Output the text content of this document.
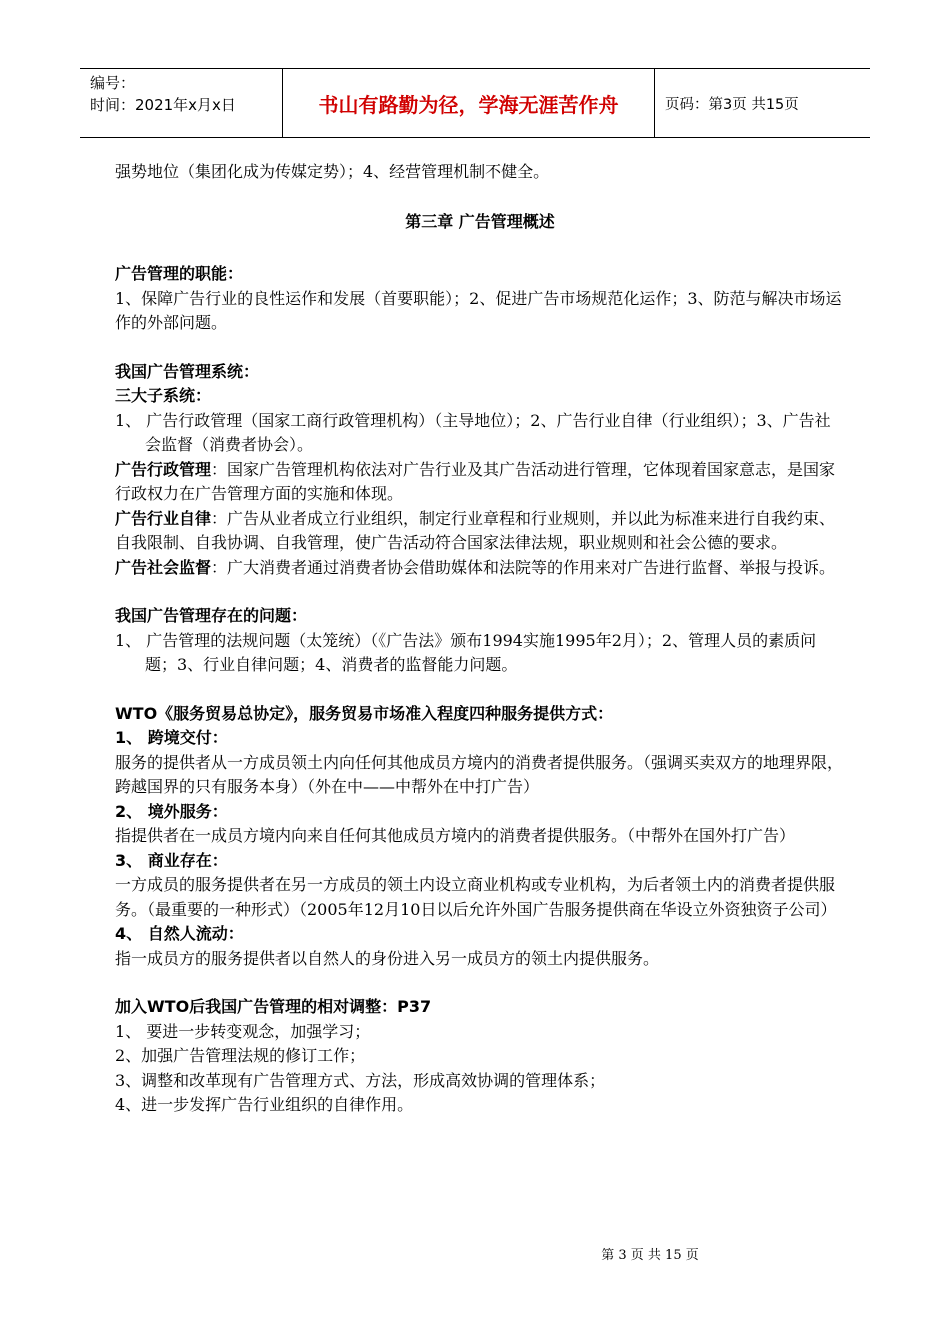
编号：
时间：2021年x月x日	书山有路勤为径，学海无涯苦作舟	页码：第3页 共15页

强势地位（集团化成为传媒定势）；4、经营管理机制不健全。

第三章 广告管理概述

广告管理的职能：

1、保障广告行业的良性运作和发展（首要职能）；2、促进广告市场规范化运作；3、防范与解决市场运作的外部问题。

我国广告管理系统：

三大子系统：

1、 广告行政管理（国家工商行政管理机构）（主导地位）；2、广告行业自律（行业组织）；3、广告社会监督（消费者协会）。

广告行政管理：国家广告管理机构依法对广告行业及其广告活动进行管理，它体现着国家意志，是国家行政权力在广告管理方面的实施和体现。

广告行业自律：广告从业者成立行业组织，制定行业章程和行业规则，并以此为标准来进行自我约束、自我限制、自我协调、自我管理，使广告活动符合国家法律法规，职业规则和社会公德的要求。

广告社会监督：广大消费者通过消费者协会借助媒体和法院等的作用来对广告进行监督、举报与投诉。

我国广告管理存在的问题：

1、 广告管理的法规问题（太笼统）（《广告法》颁布1994实施1995年2月）；2、管理人员的素质问题；3、行业自律问题；4、消费者的监督能力问题。

WTO《服务贸易总协定》，服务贸易市场准入程度四种服务提供方式：

1、 跨境交付：

服务的提供者从一方成员领土内向任何其他成员方境内的消费者提供服务。（强调买卖双方的地理界限，跨越国界的只有服务本身）（外在中——中帮外在中打广告）

2、 境外服务：

指提供者在一成员方境内向来自任何其他成员方境内的消费者提供服务。（中帮外在国外打广告）

3、 商业存在：

一方成员的服务提供者在另一方成员的领土内设立商业机构或专业机构，为后者领土内的消费者提供服务。（最重要的一种形式）（2005年12月10日以后允许外国广告服务提供商在华设立外资独资子公司）

4、 自然人流动：

指一成员方的服务提供者以自然人的身份进入另一成员方的领土内提供服务。

加入WTO后我国广告管理的相对调整：P37

1、 要进一步转变观念，加强学习；

2、加强广告管理法规的修订工作；

3、调整和改革现有广告管理方式、方法，形成高效协调的管理体系；

4、进一步发挥广告行业组织的自律作用。

第 3 页 共 15 页
